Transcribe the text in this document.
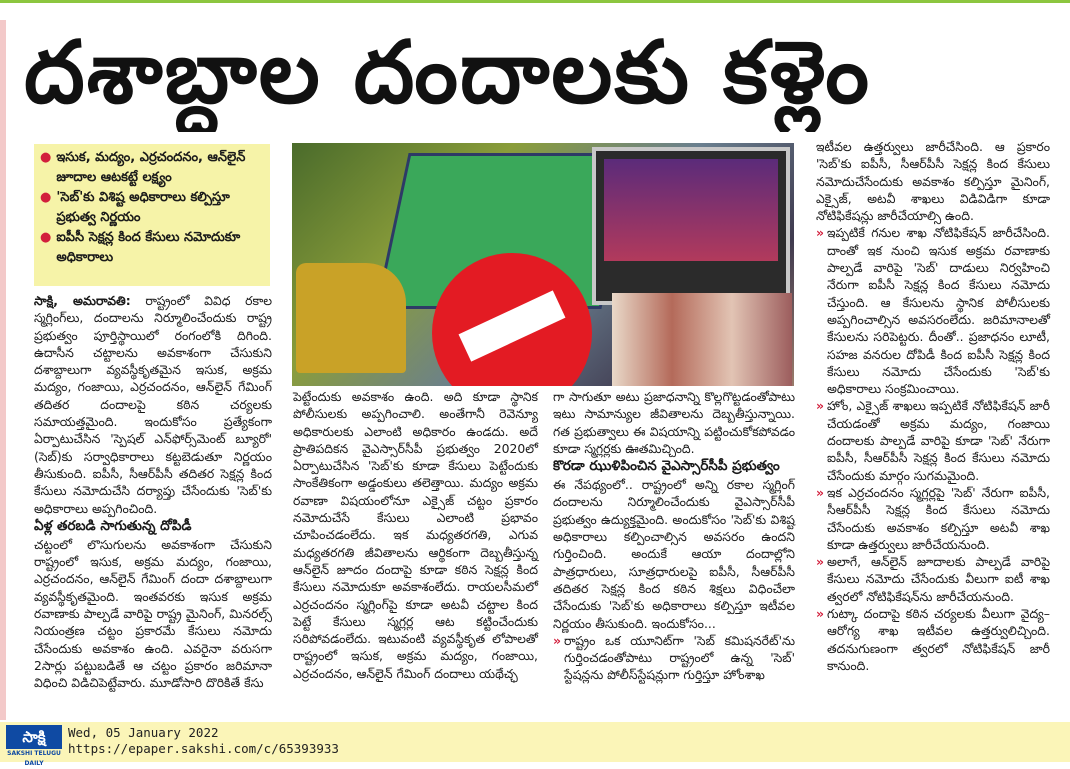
దశాబ్దాల దందాలకు కళ్లెం
● ఇసుక, మద్యం, ఎర్రచందనం, ఆన్‌లైన్ జూదాల ఆటకట్టే లక్ష్యం
● 'సెబ్'కు విశిష్ట అధికారాలు కల్పిస్తూ ప్రభుత్వ నిర్ణయం
● ఐపీసీ సెక్షన్ల కింద కేసులు నమోదుకూ అధికారాలు

సాక్షి, అమరావతి: రాష్ట్రంలో వివిధ రకాల స్మగ్లింగ్‌లు, దందాలను నిర్మూలించేందుకు రాష్ట్ర ప్రభుత్వం పూర్తిస్థాయిలో రంగంలోకి దిగింది. ఉదాసీన చట్టాలను అవకాశంగా చేసుకుని దశాబ్దాలుగా వ్యవస్థీకృతమైన ఇసుక, అక్రమ మద్యం, గంజాయి, ఎర్రచందనం, ఆన్‌లైన్ గేమింగ్ తదితర దందాలపై కఠిన చర్యలకు సమాయత్తమైంది. ఇందుకోసం ప్రత్యేకంగా ఏర్పాటుచేసిన 'స్పెషల్ ఎన్‌ఫోర్స్‌మెంట్ బ్యూరో' (సెబ్)కు సర్వాధికారాలు కట్టబెడుతూ నిర్ణయం తీసుకుంది. ఐపీసీ, సీఆర్‌పీసీ తదితర సెక్షన్ల కింద కేసులు నమోదుచేసి దర్యాప్తు చేసేందుకు 'సెబ్'కు అధికారాలు అప్పగించింది.

ఏళ్ల తరబడి సాగుతున్న దోపిడీ

చట్టంలో లొసుగులను అవకాశంగా చేసుకుని రాష్ట్రంలో ఇసుక, అక్రమ మద్యం, గంజాయి, ఎర్రచందనం, ఆన్‌లైన్ గేమింగ్ దందా దశాబ్దాలుగా వ్యవస్థీకృతమైంది. ఇంతవరకు ఇసుక అక్రమ రవాణాకు పాల్పడే వారిపై రాష్ట్ర మైనింగ్, మినరల్స్ నియంత్రణ చట్టం ప్రకారమే కేసులు నమోదు చేసేందుకు అవకాశం ఉంది. ఎవరైనా వరుసగా 2సార్లు పట్టుబడితే ఆ చట్టం ప్రకారం జరిమానా విధించి విడిచిపెట్టేవారు. మూడోసారి దొరికితే కేసు

పెట్టేందుకు అవకాశం ఉంది. అది కూడా స్థానిక పోలీసులకు అప్పగించాలి. అంతేగానీ రెవెన్యూ అధికారులకు ఎలాంటి అధికారం ఉండదు. అదే ప్రాతిపదికన వైఎస్సార్‌సీపీ ప్రభుత్వం 2020లో ఏర్పాటుచేసిన 'సెబ్'కు కూడా కేసులు పెట్టేందుకు సాంకేతికంగా అడ్డంకులు తలెత్తాయి. మద్యం అక్రమ రవాణా విషయంలోనూ ఎక్సైజ్ చట్టం ప్రకారం నమోదుచేసే కేసులు ఎలాంటి ప్రభావం చూపించడంలేదు. ఇక మధ్యతరగతి, ఎగువ మధ్యతరగతి జీవితాలను ఆర్థికంగా దెబ్బతీస్తున్న ఆన్‌లైన్ జూదం దందాపై కూడా కఠిన సెక్షన్ల కింద కేసులు నమోదుకూ అవకాశంలేదు. రాయలసీమలో ఎర్రచందనం స్మగ్లింగ్‌పై కూడా అటవీ చట్టాల కింద పెట్టే కేసులు స్మగ్లర్ల ఆట కట్టించేందుకు సరిపోవడంలేదు. ఇటువంటి వ్యవస్థీకృత లోపాలతో రాష్ట్రంలో ఇసుక, అక్రమ మద్యం, గంజాయి, ఎర్రచందనం, ఆన్‌లైన్ గేమింగ్ దందాలు యథేచ్ఛ

గా సాగుతూ అటు ప్రజాధనాన్ని కొల్లగొట్టడంతోపాటు ఇటు సామాన్యుల జీవితాలను దెబ్బతీస్తున్నాయి. గత ప్రభుత్వాలు ఈ విషయాన్ని పట్టించుకోకపోవడం కూడా స్మగ్లర్లకు ఊతమిచ్చింది.

కొరడా ఝుళిపించిన వైఎస్సార్‌సీపీ ప్రభుత్వం

ఈ నేపథ్యంలో.. రాష్ట్రంలో అన్ని రకాల స్మగ్లింగ్ దందాలను నిర్మూలించేందుకు వైఎస్సార్‌సీపీ ప్రభుత్వం ఉద్యుక్తమైంది. అందుకోసం 'సెబ్'కు విశిష్ట అధికారాలు కల్పించాల్సిన అవసరం ఉందని గుర్తించింది. అందుకే ఆయా దందాల్లోని పాత్రధారులు, సూత్రధారులపై ఐపీసీ, సీఆర్‌పీసీ తదితర సెక్షన్ల కింద కఠిన శిక్షలు విధించేలా చేసేందుకు 'సెబ్'కు అధికారాలు కల్పిస్తూ ఇటీవల నిర్ణయం తీసుకుంది. ఇందుకోసం...

» రాష్ట్రం ఒక యూనిట్‌గా 'సెబ్ కమిషనరేట్'ను గుర్తించడంతోపాటు రాష్ట్రంలో ఉన్న 'సెబ్' స్టేషన్లను పోలీస్‌స్టేషన్లుగా గుర్తిస్తూ హోంశాఖ

ఇటీవల ఉత్తర్వులు జారీచేసింది. ఆ ప్రకారం 'సెబ్'కు ఐపీసీ, సీఆర్‌పీసీ సెక్షన్ల కింద కేసులు నమోదుచేసేందుకు అవకాశం కల్పిస్తూ మైనింగ్, ఎక్సైజ్, అటవీ శాఖలు విడివిడిగా కూడా నోటిఫికేషన్లు జారీచేయాల్సి ఉంది.

» ఇప్పటికే గనుల శాఖ నోటిఫికేషన్ జారీచేసింది. దాంతో ఇక నుంచి ఇసుక అక్రమ రవాణాకు పాల్పడే వారిపై 'సెబ్' దాడులు నిర్వహించి నేరుగా ఐపీసీ సెక్షన్ల కింద కేసులు నమోదు చేస్తుంది. ఆ కేసులను స్థానిక పోలీసులకు అప్పగించాల్సిన అవసరంలేదు. జరిమానాలతో కేసులను సరిపెట్టరు. దీంతో.. ప్రజాధనం లూటీ, సహజ వనరుల దోపిడీ కింద ఐపీసీ సెక్షన్ల కింద కేసులు నమోదు చేసేందుకు 'సెబ్'కు అధికారాలు సంక్రమించాయి.
» హోం, ఎక్సైజ్ శాఖలు ఇప్పటికే నోటిఫికేషన్ జారీ చేయడంతో అక్రమ మద్యం, గంజాయి దందాలకు పాల్పడే వారిపై కూడా 'సెబ్' నేరుగా ఐపీసీ, సీఆర్‌పీసీ సెక్షన్ల కింద కేసులు నమోదు చేసేందుకు మార్గం సుగమమైంది.
» ఇక ఎర్రచందనం స్మగ్లర్లపై 'సెబ్' నేరుగా ఐపీసీ, సీఆర్‌పీసీ సెక్షన్ల కింద కేసులు నమోదు చేసేందుకు అవకాశం కల్పిస్తూ అటవీ శాఖ కూడా ఉత్తర్వులు జారీచేయనుంది.
» అలాగే, ఆన్‌లైన్ జూదాలకు పాల్పడే వారిపై కేసులు నమోదు చేసేందుకు వీలుగా ఐటీ శాఖ త్వరలో నోటిఫికేషన్‌ను జారీచేయనుంది.
» గుట్కా దందాపై కఠిన చర్యలకు వీలుగా వైద్య–ఆరోగ్య శాఖ ఇటీవల ఉత్తర్వులిచ్చింది. తదనుగుణంగా త్వరలో నోటిఫికేషన్ జారీ కానుంది.
సాక్షి
SAKSHI TELUGU DAILY
Wed, 05 January 2022
https://epaper.sakshi.com/c/65393933
